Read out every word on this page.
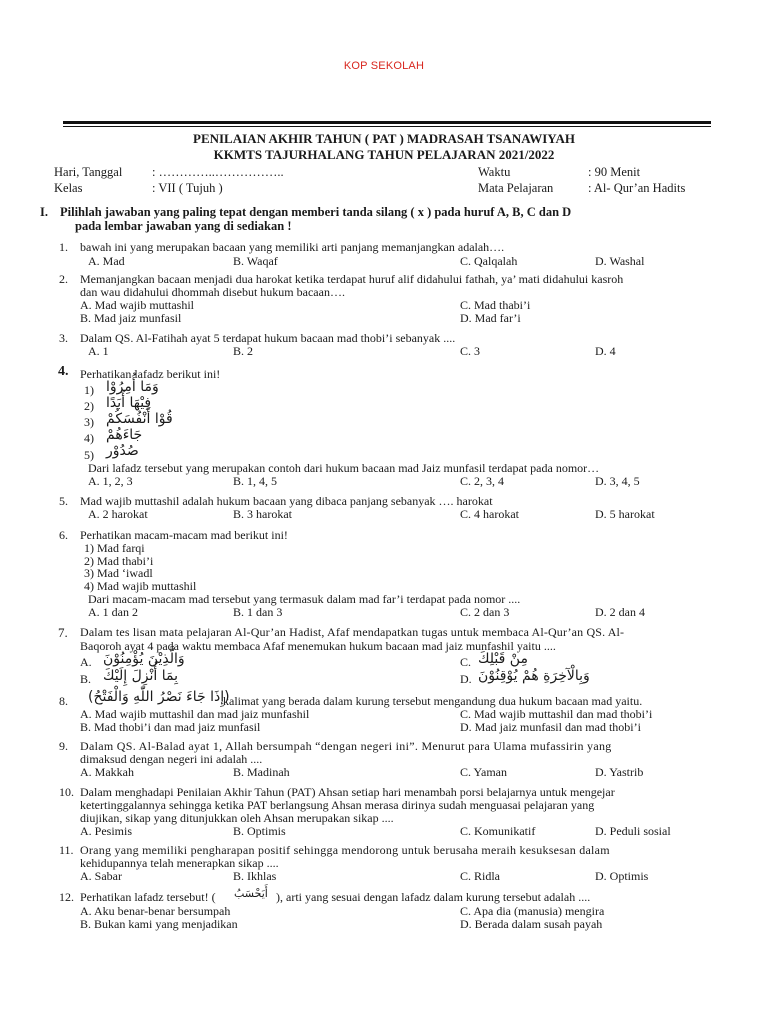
KOP SEKOLAH
PENILAIAN AKHIR TAHUN ( PAT ) MADRASAH TSANAWIYAH
KKMTS TAJURHALANG TAHUN PELAJARAN 2021/2022
Hari, Tanggal : …………..……………..	Waktu	: 90 Menit
Kelas	: VII ( Tujuh )	Mata Pelajaran	: Al- Qur’an Hadits
I. Pilihlah jawaban yang paling tepat dengan memberi tanda silang ( x ) pada huruf A, B, C dan D
pada lembar jawaban yang di sediakan !
1. bawah ini yang merupakan bacaan yang memiliki arti panjang memanjangkan adalah….
A. Mad	B. Waqaf	C. Qalqalah	D. Washal
2. Memanjangkan bacaan menjadi dua harokat ketika terdapat huruf alif didahului fathah, ya’ mati didahului kasroh
dan wau didahului dhommah disebut hukum bacaan….
A. Mad wajib muttashil
B. Mad jaiz munfasil
C. Mad thabi’i
D. Mad far’i
3. Dalam QS. Al-Fatihah ayat 5 terdapat hukum bacaan mad thobi’i sebanyak ....
A. 1	B. 2	C. 3	D. 4
4. Perhatikan lafadz berikut ini!
1) وَمَا أُمِرُوْا
2) فِيْهَا أَبَدًا
3) قُوْا أَنْفُسَكُمْ
4) جَاءَهُمْ
5) صُدُوْر
Dari lafadz tersebut yang merupakan contoh dari hukum bacaan mad Jaiz munfasil terdapat pada nomor…
A. 1, 2, 3	B. 1, 4, 5	C. 2, 3, 4	D. 3, 4, 5
5. Mad wajib muttashil adalah hukum bacaan yang dibaca panjang sebanyak …. harokat
A. 2 harokat	B. 3 harokat	C. 4 harokat	D. 5 harokat
6. Perhatikan macam-macam mad berikut ini!
1) Mad farqi
2) Mad thabi’i
3) Mad ‘iwadl
4) Mad wajib muttashil
Dari macam-macam mad tersebut yang termasuk dalam mad far’i terdapat pada nomor ....
A. 1 dan 2	B. 1 dan 3	C. 2 dan 3	D. 2 dan 4
7. Dalam tes lisan mata pelajaran Al-Qur’an Hadist, Afaf mendapatkan tugas untuk membaca Al-Qur’an QS. Al-
Baqoroh ayat 4 pada waktu membaca Afaf menemukan hukum bacaan mad jaiz munfashil yaitu ....
A. وَالَّذِيْنَ يُؤْمِنُوْنَ
B. بِمَا أُنْزِلَ إِلَيْكَ
C. مِنْ قَبْلِكَ
D. وَبِالْآخِرَةِ هُمْ يُوْقِنُوْنَ
8. (إِذَا جَاءَ نَصْرُ اللّٰهِ وَالْفَتْحُ)
kalimat yang berada dalam kurung tersebut mengandung dua hukum bacaan mad yaitu.
A. Mad wajib muttashil dan mad jaiz munfashil
B. Mad thobi’i dan mad jaiz munfasil
C. Mad wajib muttashil dan mad thobi’i
D. Mad jaiz munfasil dan mad thobi’i
9. Dalam QS. Al-Balad ayat 1, Allah bersumpah “dengan negeri ini”. Menurut para Ulama mufassirin yang
dimaksud dengan negeri ini adalah ....
A. Makkah	B. Madinah	C. Yaman	D. Yastrib
10. Dalam menghadapi Penilaian Akhir Tahun (PAT) Ahsan setiap hari menambah porsi belajarnya untuk mengejar
ketertinggalannya sehingga ketika PAT berlangsung Ahsan merasa dirinya sudah menguasai pelajaran yang
diujikan, sikap yang ditunjukkan oleh Ahsan merupakan sikap ....
A. Pesimis	B. Optimis	C. Komunikatif	D. Peduli sosial
11. Orang yang memiliki pengharapan positif sehingga mendorong untuk berusaha meraih kesuksesan dalam
kehidupannya telah menerapkan sikap ....
A. Sabar	B. Ikhlas	C. Ridla	D. Optimis
12. Perhatikan lafadz tersebut! ( أَيَحْسَبُ ), arti yang sesuai dengan lafadz dalam kurung tersebut adalah ....
A. Aku benar-benar bersumpah
B. Bukan kami yang menjadikan
C. Apa dia (manusia) mengira
D. Berada dalam susah payah
